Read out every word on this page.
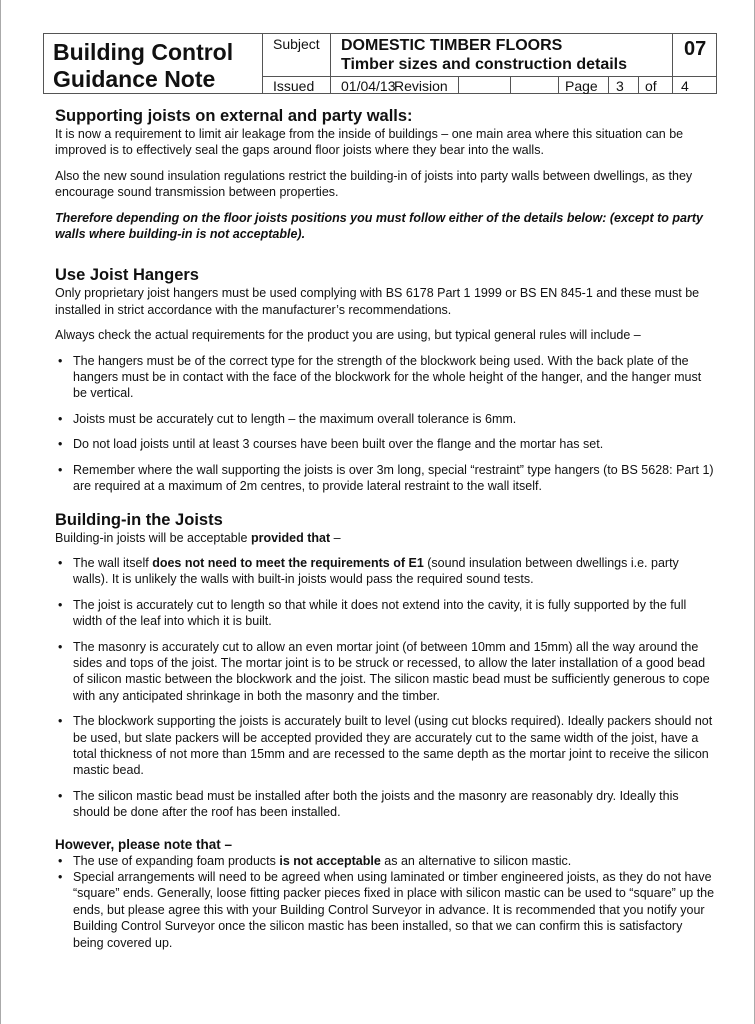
Building Control
Guidance Note
Subject DOMESTIC TIMBER FLOORS
Timber sizes and construction details
07
Issued 01/04/13
Revision	Page 3 of 4
Supporting joists on external and party walls:

It is now a requirement to limit air leakage from the inside of buildings – one main area where this situation can be improved is to effectively seal the gaps around floor joists where they bear into the walls.

Also the new sound insulation regulations restrict the building-in of joists into party walls between dwellings, as they encourage sound transmission between properties.

Therefore depending on the floor joists positions you must follow either of the details below: (except to party walls where building-in is not acceptable).

Use Joist Hangers

Only proprietary joist hangers must be used complying with BS 6178 Part 1 1999 or BS EN 845-1 and these must be installed in strict accordance with the manufacturer’s recommendations.

Always check the actual requirements for the product you are using, but typical general rules will include –

• The hangers must be of the correct type for the strength of the blockwork being used. With the back plate of the hangers must be in contact with the face of the blockwork for the whole height of the hanger, and the hanger must be vertical.
• Joists must be accurately cut to length – the maximum overall tolerance is 6mm.
• Do not load joists until at least 3 courses have been built over the flange and the mortar has set.
• Remember where the wall supporting the joists is over 3m long, special “restraint” type hangers (to BS 5628: Part 1) are required at a maximum of 2m centres, to provide lateral restraint to the wall itself.
Building-in the Joists

Building-in joists will be acceptable provided that –

• The wall itself does not need to meet the requirements of E1 (sound insulation between dwellings i.e. party walls). It is unlikely the walls with built-in joists would pass the required sound tests.
• The joist is accurately cut to length so that while it does not extend into the cavity, it is fully supported by the full width of the leaf into which it is built.
• The masonry is accurately cut to allow an even mortar joint (of between 10mm and 15mm) all the way around the sides and tops of the joist. The mortar joint is to be struck or recessed, to allow the later installation of a good bead of silicon mastic between the blockwork and the joist. The silicon mastic bead must be sufficiently generous to cope with any anticipated shrinkage in both the masonry and the timber.
• The blockwork supporting the joists is accurately built to level (using cut blocks required). Ideally packers should not be used, but slate packers will be accepted provided they are accurately cut to the same width of the joist, have a total thickness of not more than 15mm and are recessed to the same depth as the mortar joint to receive the silicon mastic bead.
• The silicon mastic bead must be installed after both the joists and the masonry are reasonably dry. Ideally this should be done after the roof has been installed.
However, please note that –
• The use of expanding foam products is not acceptable as an alternative to silicon mastic.
• Special arrangements will need to be agreed when using laminated or timber engineered joists, as they do not have “square” ends. Generally, loose fitting packer pieces fixed in place with silicon mastic can be used to “square” up the ends, but please agree this with your Building Control Surveyor in advance. It is recommended that you notify your Building Control Surveyor once the silicon mastic has been installed, so that we can confirm this is satisfactory being covered up.
